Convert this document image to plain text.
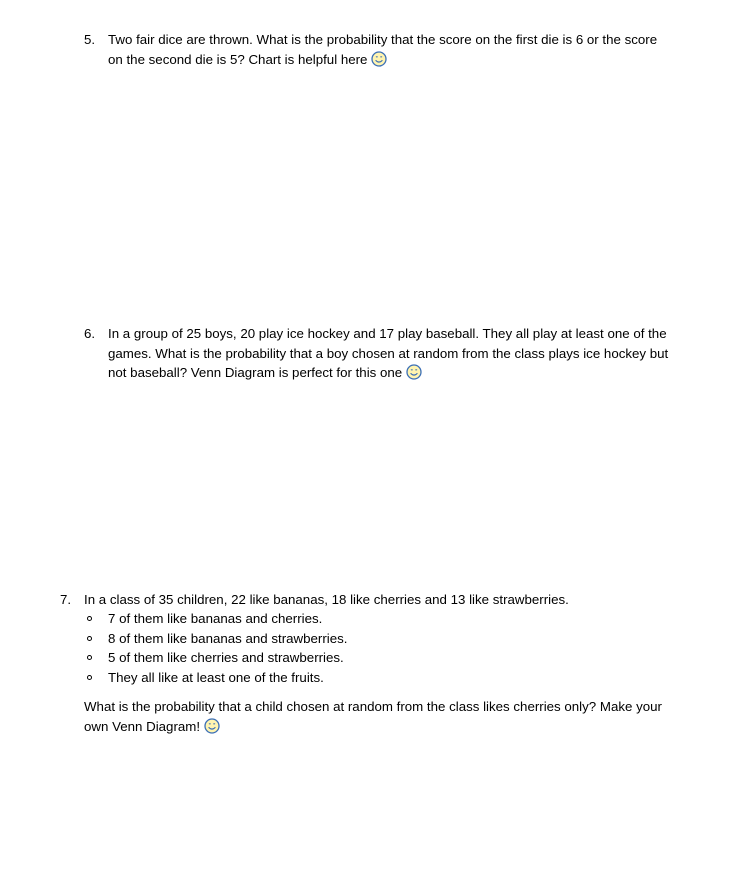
5. Two fair dice are thrown. What is the probability that the score on the first die is 6 or the score
on the second die is 5? Chart is helpful here
6. In a group of 25 boys, 20 play ice hockey and 17 play baseball. They all play at least one of the
games. What is the probability that a boy chosen at random from the class plays ice hockey but
not baseball? Venn Diagram is perfect for this one
7. In a class of 35 children, 22 like bananas, 18 like cherries and 13 like strawberries.
7 of them like bananas and cherries.
8 of them like bananas and strawberries.
5 of them like cherries and strawberries.
They all like at least one of the fruits.
What is the probability that a child chosen at random from the class likes cherries only? Make your
own Venn Diagram!
